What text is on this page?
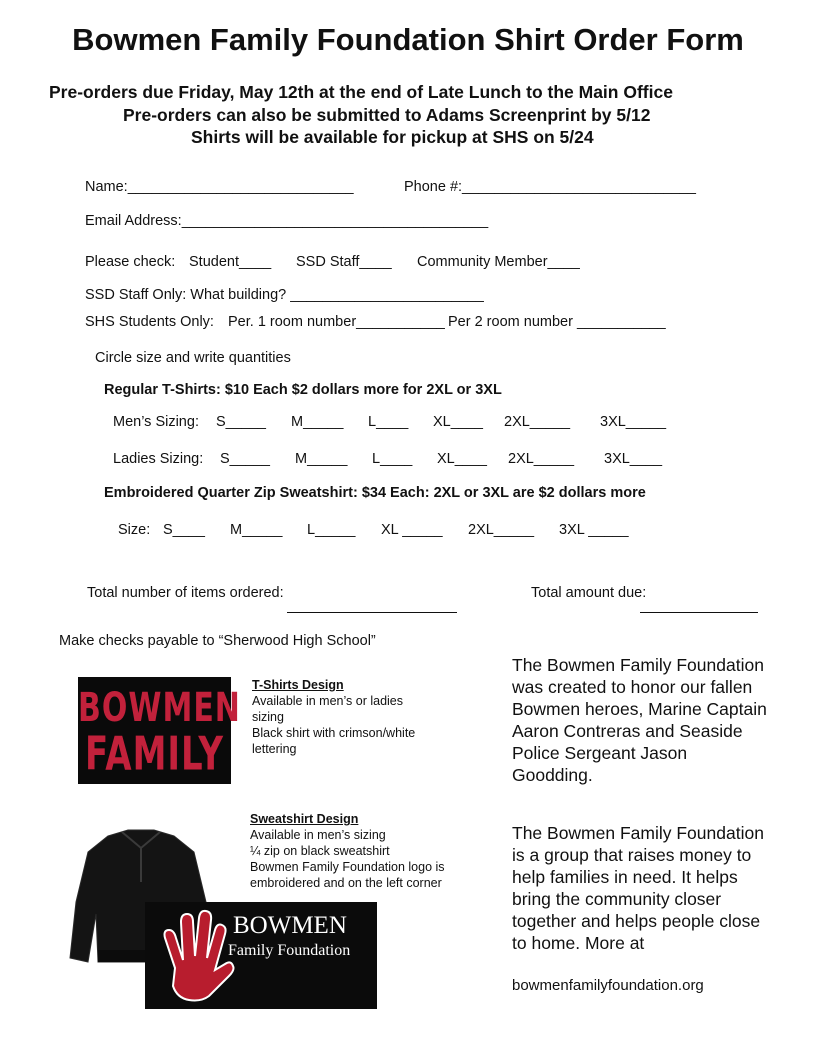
Bowmen Family Foundation Shirt Order Form
Pre-orders due Friday, May 12th at the end of Late Lunch to the Main Office
Pre-orders can also be submitted to Adams Screenprint by 5/12
Shirts will be available for pickup at SHS on 5/24
Name:____________________________	Phone #:_____________________________
Email Address:______________________________________
Please check: Student____ SSD Staff____ Community Member____
SSD Staff Only: What building? ________________________
SHS Students Only: Per. 1 room number___________ Per 2 room number ___________
Circle size and write quantities
Regular T-Shirts: $10 Each $2 dollars more for 2XL or 3XL
Men’s Sizing: S_____ M_____ L____ XL____ 2XL_____ 3XL_____
Ladies Sizing: S_____ M_____ L____ XL____ 2XL_____ 3XL____
Embroidered Quarter Zip Sweatshirt: $34 Each: 2XL or 3XL are $2 dollars more
Size: S____ M_____ L_____ XL _____ 2XL_____ 3XL _____
Total number of items ordered:	Total amount due:
Make checks payable to “Sherwood High School”
BOWMEN
FAMILY
T-Shirts Design
Available in men’s or ladies
sizing
Black shirt with crimson/white
lettering
BOWMEN
Family Foundation
Sweatshirt Design
Available in men’s sizing
¼ zip on black sweatshirt
Bowmen Family Foundation logo is
embroidered and on the left corner
The Bowmen Family Foundation was created to honor our fallen Bowmen heroes, Marine Captain Aaron Contreras and Seaside Police Sergeant Jason Goodding.
The Bowmen Family Foundation is a group that raises money to help families in need. It helps bring the community closer together and helps people close to home. More at
bowmenfamilyfoundation.org
